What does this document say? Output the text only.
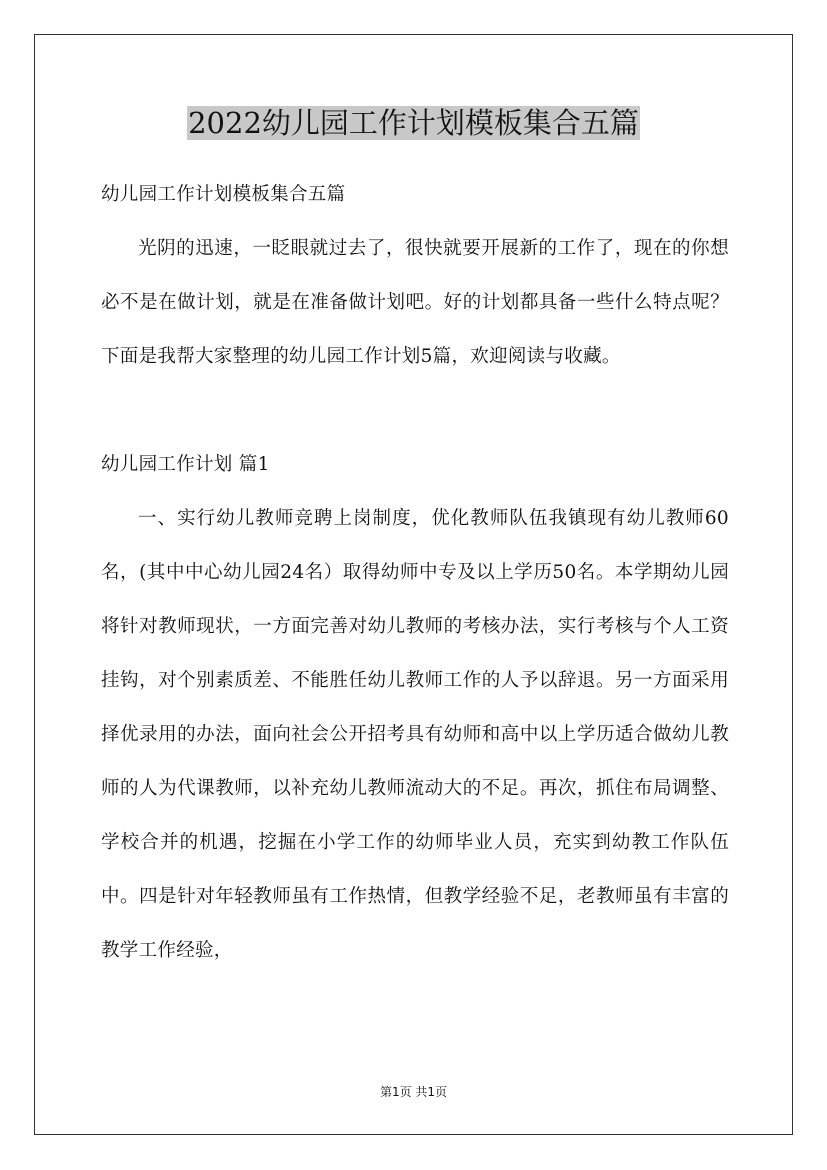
2022幼儿园工作计划模板集合五篇

幼儿园工作计划模板集合五篇

光阴的迅速，一眨眼就过去了，很快就要开展新的工作了，现在的你想必不是在做计划，就是在准备做计划吧。好的计划都具备一些什么特点呢？下面是我帮大家整理的幼儿园工作计划5篇，欢迎阅读与收藏。

幼儿园工作计划 篇1

一、实行幼儿教师竞聘上岗制度，优化教师队伍我镇现有幼儿教师60名，(其中中心幼儿园24名）取得幼师中专及以上学历50名。本学期幼儿园将针对教师现状，一方面完善对幼儿教师的考核办法，实行考核与个人工资挂钩，对个别素质差、不能胜任幼儿教师工作的人予以辞退。另一方面采用择优录用的办法，面向社会公开招考具有幼师和高中以上学历适合做幼儿教师的人为代课教师，以补充幼儿教师流动大的不足。再次，抓住布局调整、学校合并的机遇，挖掘在小学工作的幼师毕业人员，充实到幼教工作队伍中。四是针对年轻教师虽有工作热情，但教学经验不足，老教师虽有丰富的教学工作经验，

第1页 共1页
